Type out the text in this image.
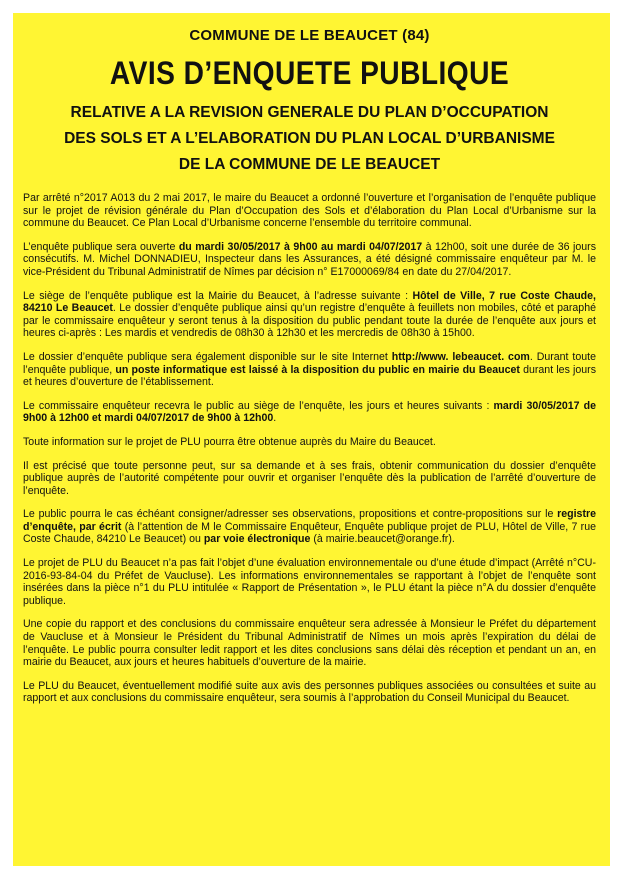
COMMUNE DE LE BEAUCET (84)
AVIS D’ENQUETE PUBLIQUE
RELATIVE A LA REVISION GENERALE DU PLAN D’OCCUPATION
DES SOLS ET A L’ELABORATION DU PLAN LOCAL D’URBANISME
DE LA COMMUNE DE LE BEAUCET

Par arrêté n°2017 A013 du 2 mai 2017, le maire du Beaucet a ordonné l’ouverture et l’organisation de l’enquête publique sur le projet de révision générale du Plan d’Occupation des Sols et d’élaboration du Plan Local d’Urbanisme sur la commune du Beaucet. Ce Plan Local d’Urbanisme concerne l’ensemble du territoire communal.

L’enquête publique sera ouverte du mardi 30/05/2017 à 9h00 au mardi 04/07/2017 à 12h00, soit une durée de 36 jours consécutifs. M. Michel DONNADIEU, Inspecteur dans les Assurances, a été désigné commissaire enquêteur par M. le vice-Président du Tribunal Administratif de Nîmes par décision n° E17000069/84 en date du 27/04/2017.

Le siège de l’enquête publique est la Mairie du Beaucet, à l’adresse suivante : Hôtel de Ville, 7 rue Coste Chaude, 84210 Le Beaucet. Le dossier d’enquête publique ainsi qu’un registre d’enquête à feuillets non mobiles, côté et paraphé par le commissaire enquêteur y seront tenus à la disposition du public pendant toute la durée de l’enquête aux jours et heures ci-après : Les mardis et vendredis de 08h30 à 12h30 et les mercredis de 08h30 à 15h00.

Le dossier d’enquête publique sera également disponible sur le site Internet http://www. lebeaucet. com. Durant toute l’enquête publique, un poste informatique est laissé à la disposition du public en mairie du Beaucet durant les jours et heures d’ouverture de l’établissement.

Le commissaire enquêteur recevra le public au siège de l’enquête, les jours et heures suivants : mardi 30/05/2017 de 9h00 à 12h00 et mardi 04/07/2017 de 9h00 à 12h00.

Toute information sur le projet de PLU pourra être obtenue auprès du Maire du Beaucet.

Il est précisé que toute personne peut, sur sa demande et à ses frais, obtenir communication du dossier d’enquête publique auprès de l’autorité compétente pour ouvrir et organiser l’enquête dès la publication de l’arrêté d’ouverture de l’enquête.

Le public pourra le cas échéant consigner/adresser ses observations, propositions et contre-propositions sur le registre d’enquête, par écrit (à l’attention de M le Commissaire Enquêteur, Enquête publique projet de PLU, Hôtel de Ville, 7 rue Coste Chaude, 84210 Le Beaucet) ou par voie électronique (à mairie.beaucet@orange.fr).

Le projet de PLU du Beaucet n’a pas fait l’objet d’une évaluation environnementale ou d’une étude d’impact (Arrêté n°CU-2016-93-84-04 du Préfet de Vaucluse). Les informations environnementales se rapportant à l’objet de l’enquête sont insérées dans la pièce n°1 du PLU intitulée « Rapport de Présentation », le PLU étant la pièce n°A du dossier d’enquête publique.

Une copie du rapport et des conclusions du commissaire enquêteur sera adressée à Monsieur le Préfet du département de Vaucluse et à Monsieur le Président du Tribunal Administratif de Nîmes un mois après l’expiration du délai de l’enquête. Le public pourra consulter ledit rapport et les dites conclusions sans délai dès réception et pendant un an, en mairie du Beaucet, aux jours et heures habituels d’ouverture de la mairie.

Le PLU du Beaucet, éventuellement modifié suite aux avis des personnes publiques associées ou consultées et suite au rapport et aux conclusions du commissaire enquêteur, sera soumis à l’approbation du Conseil Municipal du Beaucet.
